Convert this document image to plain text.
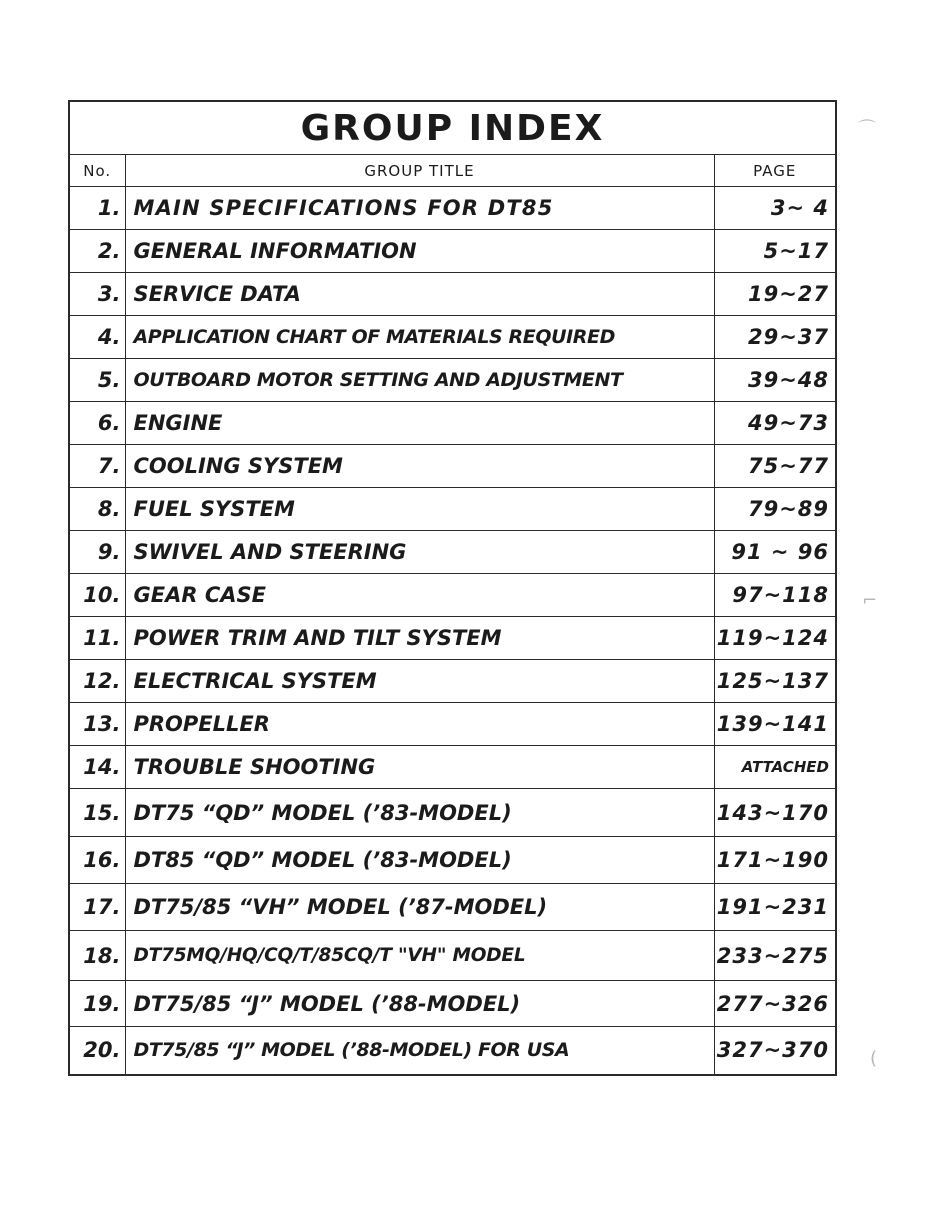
GROUP INDEX		
No.	GROUP TITLE	PAGE
1.	MAIN SPECIFICATIONS FOR DT85	3~ 4
2.	GENERAL INFORMATION	5~17
3.	SERVICE DATA	19~27
4.	APPLICATION CHART OF MATERIALS REQUIRED	29~37
5.	OUTBOARD MOTOR SETTING AND ADJUSTMENT	39~48
6.	ENGINE	49~73
7.	COOLING SYSTEM	75~77
8.	FUEL SYSTEM	79~89
9.	SWIVEL AND STEERING	91 ~ 96
10.	GEAR CASE	97~118
11.	POWER TRIM AND TILT SYSTEM	119~124
12.	ELECTRICAL SYSTEM	125~137
13.	PROPELLER	139~141
14.	TROUBLE SHOOTING	ATTACHED
15.	DT75 “QD” MODEL (’83-MODEL)	143~170
16.	DT85 “QD” MODEL (’83-MODEL)	171~190
17.	DT75/85 “VH” MODEL (’87-MODEL)	191~231
18.	DT75MQ/HQ/CQ/T/85CQ/T "VH" MODEL	233~275
19.	DT75/85 “J” MODEL (’88-MODEL)	277~326
20.	DT75/85 “J” MODEL (’88-MODEL) FOR USA	327~370
⌒
⌐
(
